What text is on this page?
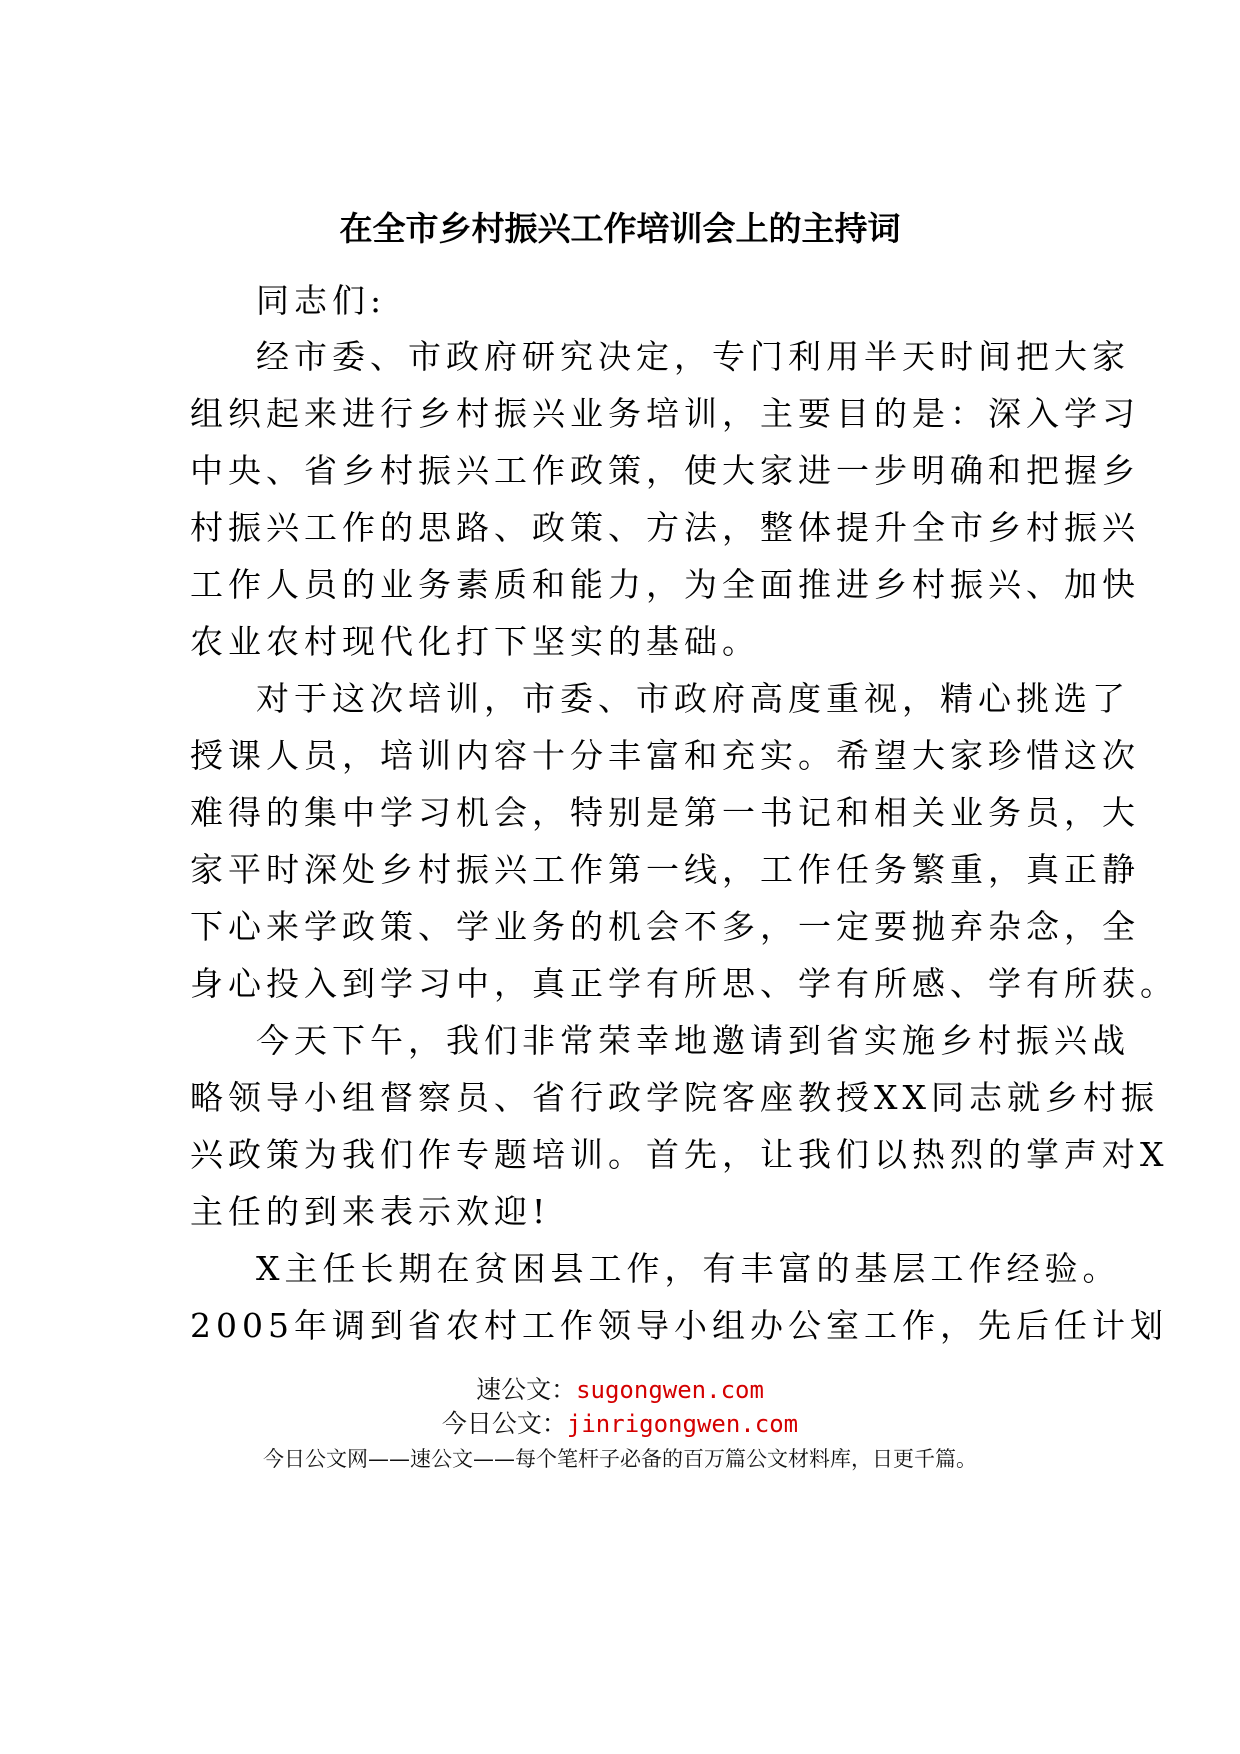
在全市乡村振兴工作培训会上的主持词
同志们:
经市委、市政府研究决定，专门利用半天时间把大家
组织起来进行乡村振兴业务培训，主要目的是：深入学习
中央、省乡村振兴工作政策，使大家进一步明确和把握乡
村振兴工作的思路、政策、方法，整体提升全市乡村振兴
工作人员的业务素质和能力，为全面推进乡村振兴、加快
农业农村现代化打下坚实的基础。
对于这次培训，市委、市政府高度重视，精心挑选了
授课人员，培训内容十分丰富和充实。希望大家珍惜这次
难得的集中学习机会，特别是第一书记和相关业务员，大
家平时深处乡村振兴工作第一线，工作任务繁重，真正静
下心来学政策、学业务的机会不多，一定要抛弃杂念，全
身心投入到学习中，真正学有所思、学有所感、学有所获。
今天下午，我们非常荣幸地邀请到省实施乡村振兴战
略领导小组督察员、省行政学院客座教授XX同志就乡村振
兴政策为我们作专题培训。首先，让我们以热烈的掌声对X
主任的到来表示欢迎!
X主任长期在贫困县工作，有丰富的基层工作经验。
2005年调到省农村工作领导小组办公室工作，先后任计划
速公文：sugongwen.com
今日公文：jinrigongwen.com
今日公文网——速公文——每个笔杆子必备的百万篇公文材料库，日更千篇。
